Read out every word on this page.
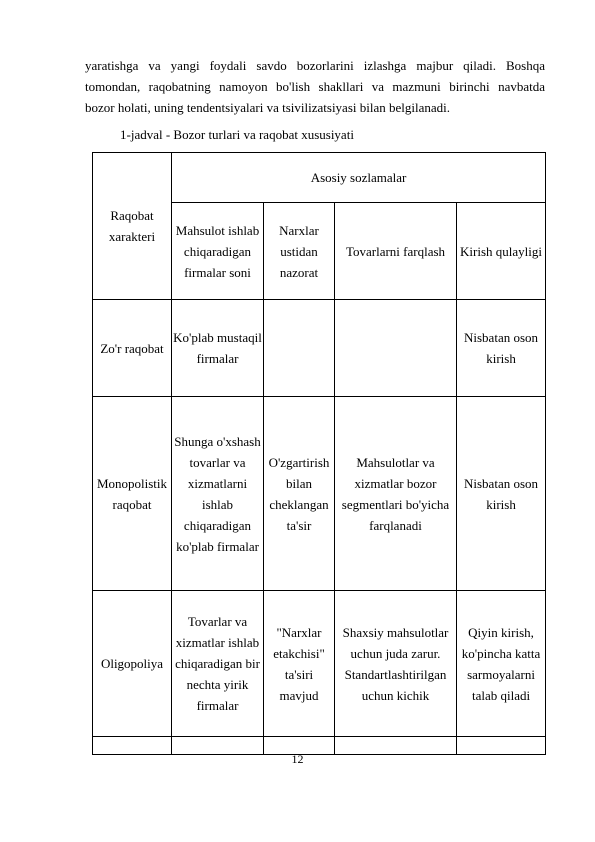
yaratishga va yangi foydali savdo bozorlarini izlashga majbur qiladi. Boshqa
tomondan, raqobatning namoyon bo'lish shakllari va mazmuni birinchi navbatda
bozor holati, uning tendentsiyalari va tsivilizatsiyasi bilan belgilanadi.

1-jadval - Bozor turlari va raqobat xususiyati

Raqobat xarakteri	Asosiy sozlamalar			
	Mahsulot ishlab chiqaradigan firmalar soni	Narxlar ustidan nazorat	Tovarlarni farqlash	Kirish qulayligi
Zo'r raqobat	Ko'plab mustaqil firmalar			Nisbatan oson kirish
Monopolistik raqobat	Shunga o'xshash tovarlar va xizmatlarni ishlab chiqaradigan ko'plab firmalar	O'zgartirish bilan cheklangan ta'sir	Mahsulotlar va xizmatlar bozor segmentlari bo'yicha farqlanadi	Nisbatan oson kirish
Oligopoliya	Tovarlar va xizmatlar ishlab chiqaradigan bir nechta yirik firmalar	"Narxlar etakchisi" ta'siri mavjud	Shaxsiy mahsulotlar uchun juda zarur. Standartlashtirilgan uchun kichik	Qiyin kirish, ko'pincha katta sarmoyalarni talab qiladi

12
